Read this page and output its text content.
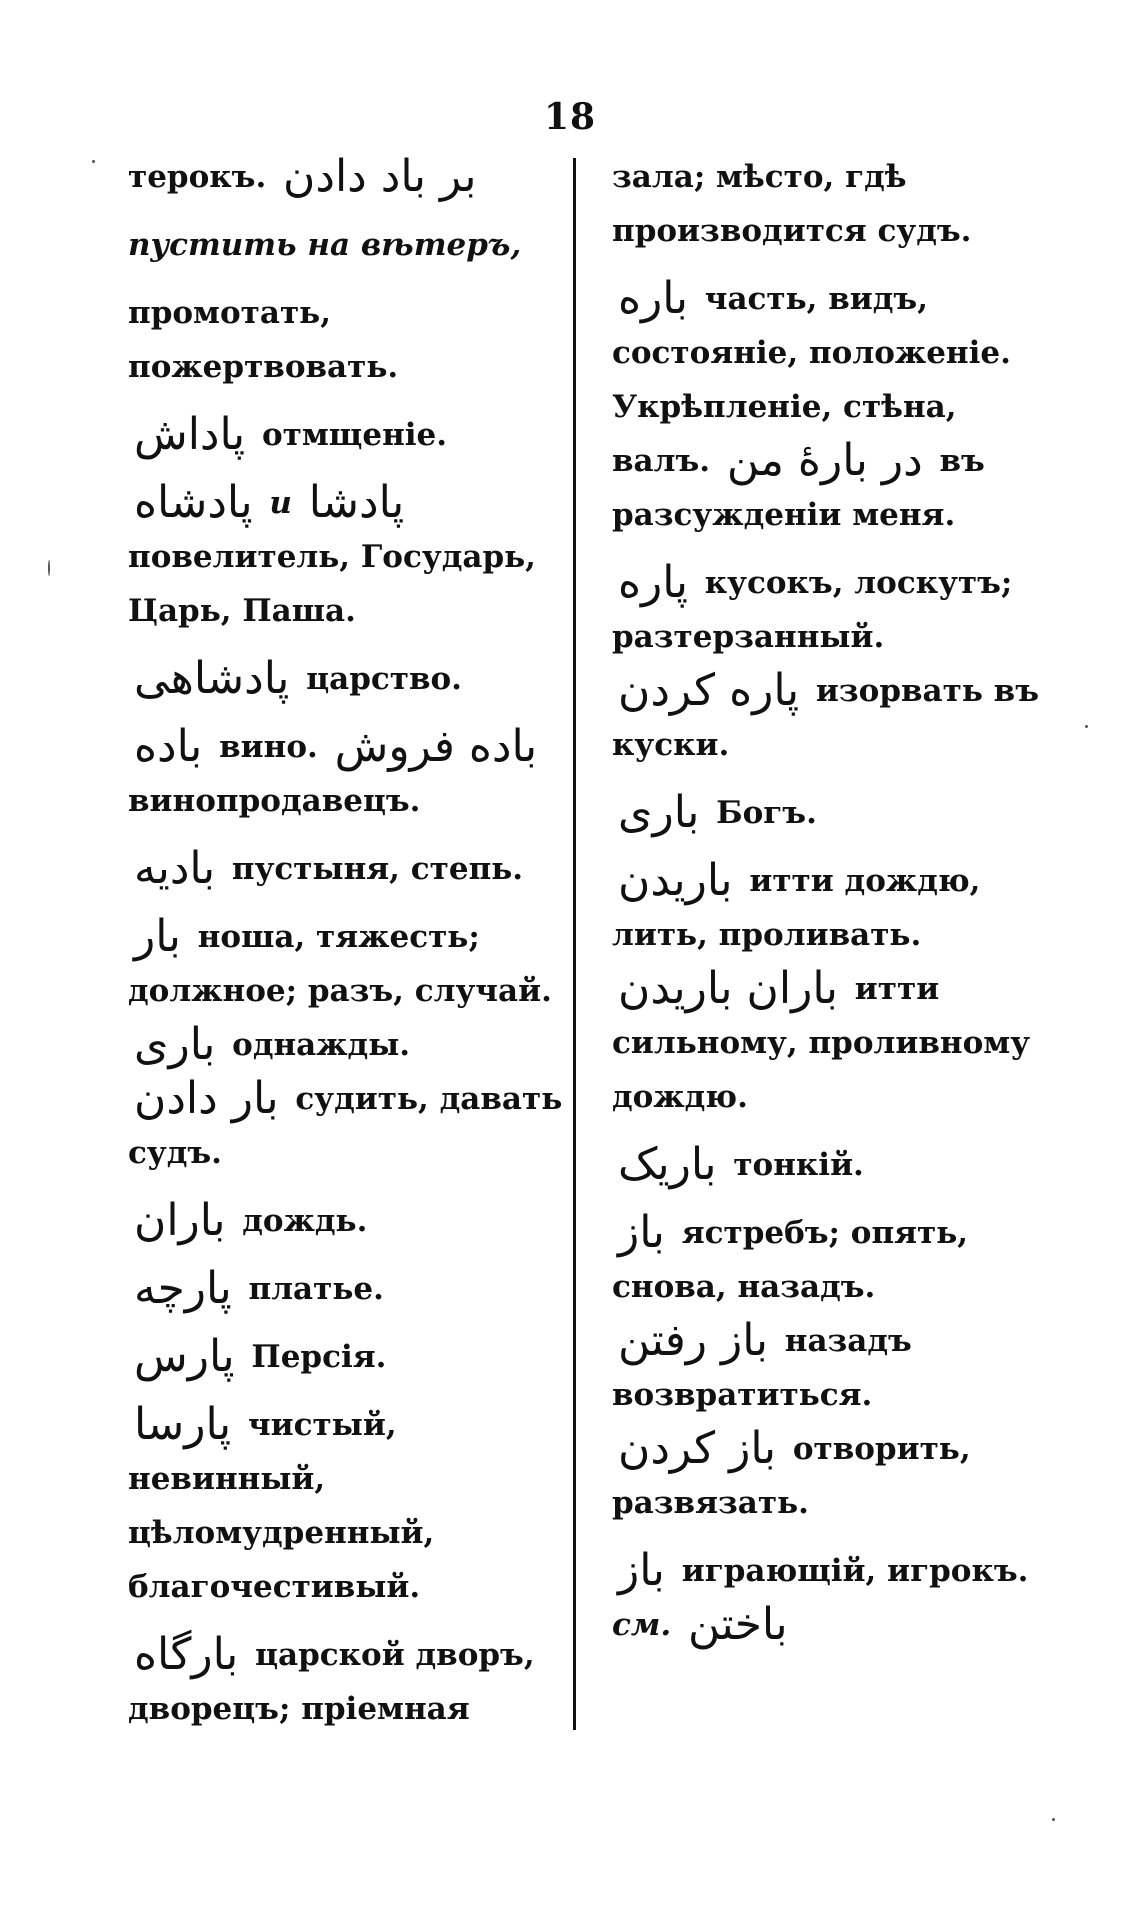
18
терокъ. بر باد دادن
пустить на вѣтеръ,
промотать, пожертвовать.
پاداش отмщеніе.
پادشاه и پادشا повелитель, Государь, Царь, Паша.
پادشاهی царство.
باده вино. باده فروش винопродавецъ.
بادیه пустыня, степь.
بار ноша, тяжесть; должное; разъ, случай. باری однажды. بار دادن судить, давать судъ.
باران дождь.
پارچه платье.
پارس Персія.
پارسا чистый, невинный, цѣломудренный, благочестивый.
بارگاه царской дворъ, дворецъ; пріемная
зала; мѣсто, гдѣ производится судъ.
باره часть, видъ, состояніе, положеніе. Укрѣпленіе, стѣна, валъ. در بارۀ من въ разсужденіи меня.
پاره кусокъ, лоскутъ; разтерзанный. پاره کردن изорвать въ куски.
باری Богъ.
باریدن итти дождю, лить, проливать. باران باریدن итти сильному, проливному дождю.
باریک тонкій.
باز ястребъ; опять, снова, назадъ. باز رفتن назадъ возвратиться. باز کردن отворить, развязать.
باز играющій, игрокъ. см. باختن
